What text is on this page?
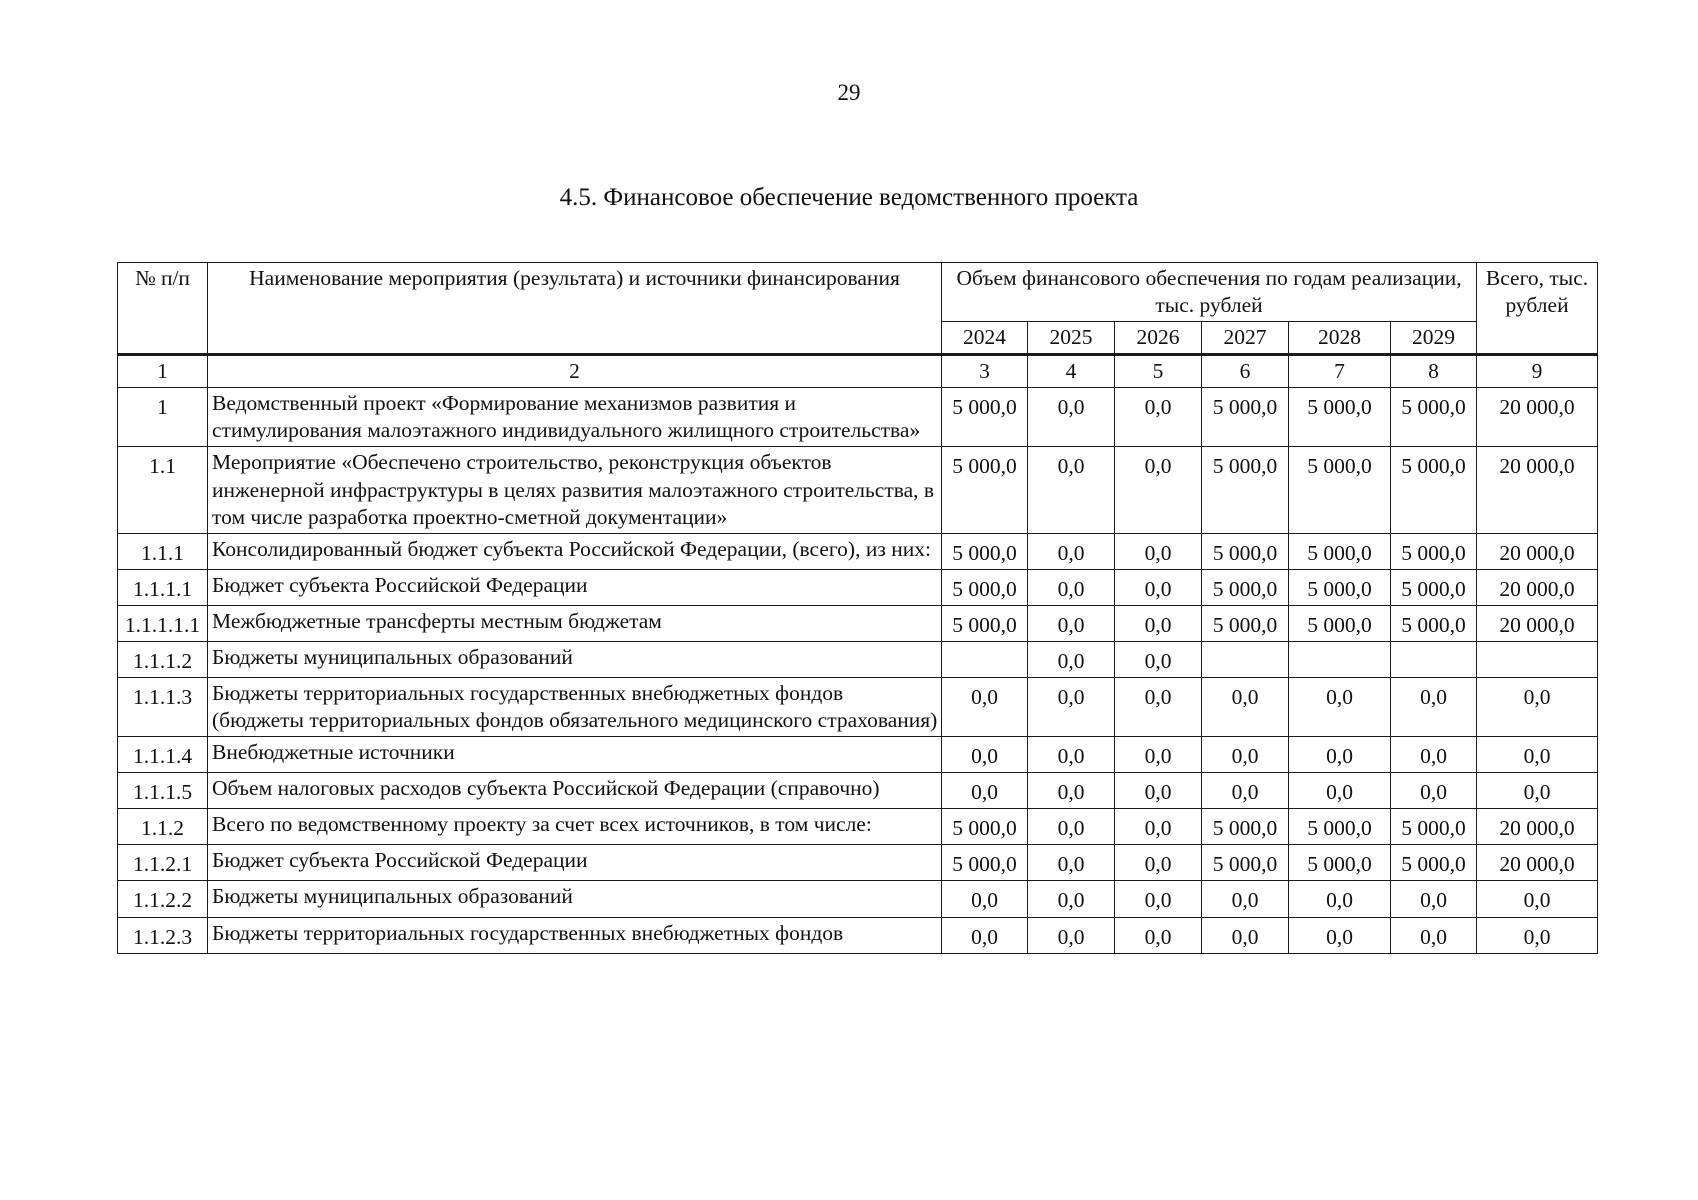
29
4.5. Финансовое обеспечение ведомственного проекта
№ п/п	Наименование мероприятия (результата) и источники финансирования	Объем финансового обеспечения по годам реализации, тыс. рублей						Всего, тыс. рублей
		2024	2025	2026	2027	2028	2029	
1	2	3	4	5	6	7	8	9
1	Ведомственный проект «Формирование механизмов развития и стимулирования малоэтажного индивидуального жилищного строительства»	5 000,0	0,0	0,0	5 000,0	5 000,0	5 000,0	20 000,0
1.1	Мероприятие «Обеспечено строительство, реконструкция объектов инженерной инфраструктуры в целях развития малоэтажного строительства, в том числе разработка проектно-сметной документации»	5 000,0	0,0	0,0	5 000,0	5 000,0	5 000,0	20 000,0
1.1.1	Консолидированный бюджет субъекта Российской Федерации, (всего), из них:	5 000,0	0,0	0,0	5 000,0	5 000,0	5 000,0	20 000,0
1.1.1.1	Бюджет субъекта Российской Федерации	5 000,0	0,0	0,0	5 000,0	5 000,0	5 000,0	20 000,0
1.1.1.1.1	Межбюджетные трансферты местным бюджетам	5 000,0	0,0	0,0	5 000,0	5 000,0	5 000,0	20 000,0
1.1.1.2	Бюджеты муниципальных образований		0,0	0,0				
1.1.1.3	Бюджеты территориальных государственных внебюджетных фондов (бюджеты территориальных фондов обязательного медицинского страхования)	0,0	0,0	0,0	0,0	0,0	0,0	0,0
1.1.1.4	Внебюджетные источники	0,0	0,0	0,0	0,0	0,0	0,0	0,0
1.1.1.5	Объем налоговых расходов субъекта Российской Федерации (справочно)	0,0	0,0	0,0	0,0	0,0	0,0	0,0
1.1.2	Всего по ведомственному проекту за счет всех источников, в том числе:	5 000,0	0,0	0,0	5 000,0	5 000,0	5 000,0	20 000,0
1.1.2.1	Бюджет субъекта Российской Федерации	5 000,0	0,0	0,0	5 000,0	5 000,0	5 000,0	20 000,0
1.1.2.2	Бюджеты муниципальных образований	0,0	0,0	0,0	0,0	0,0	0,0	0,0
1.1.2.3	Бюджеты территориальных государственных внебюджетных фондов	0,0	0,0	0,0	0,0	0,0	0,0	0,0
